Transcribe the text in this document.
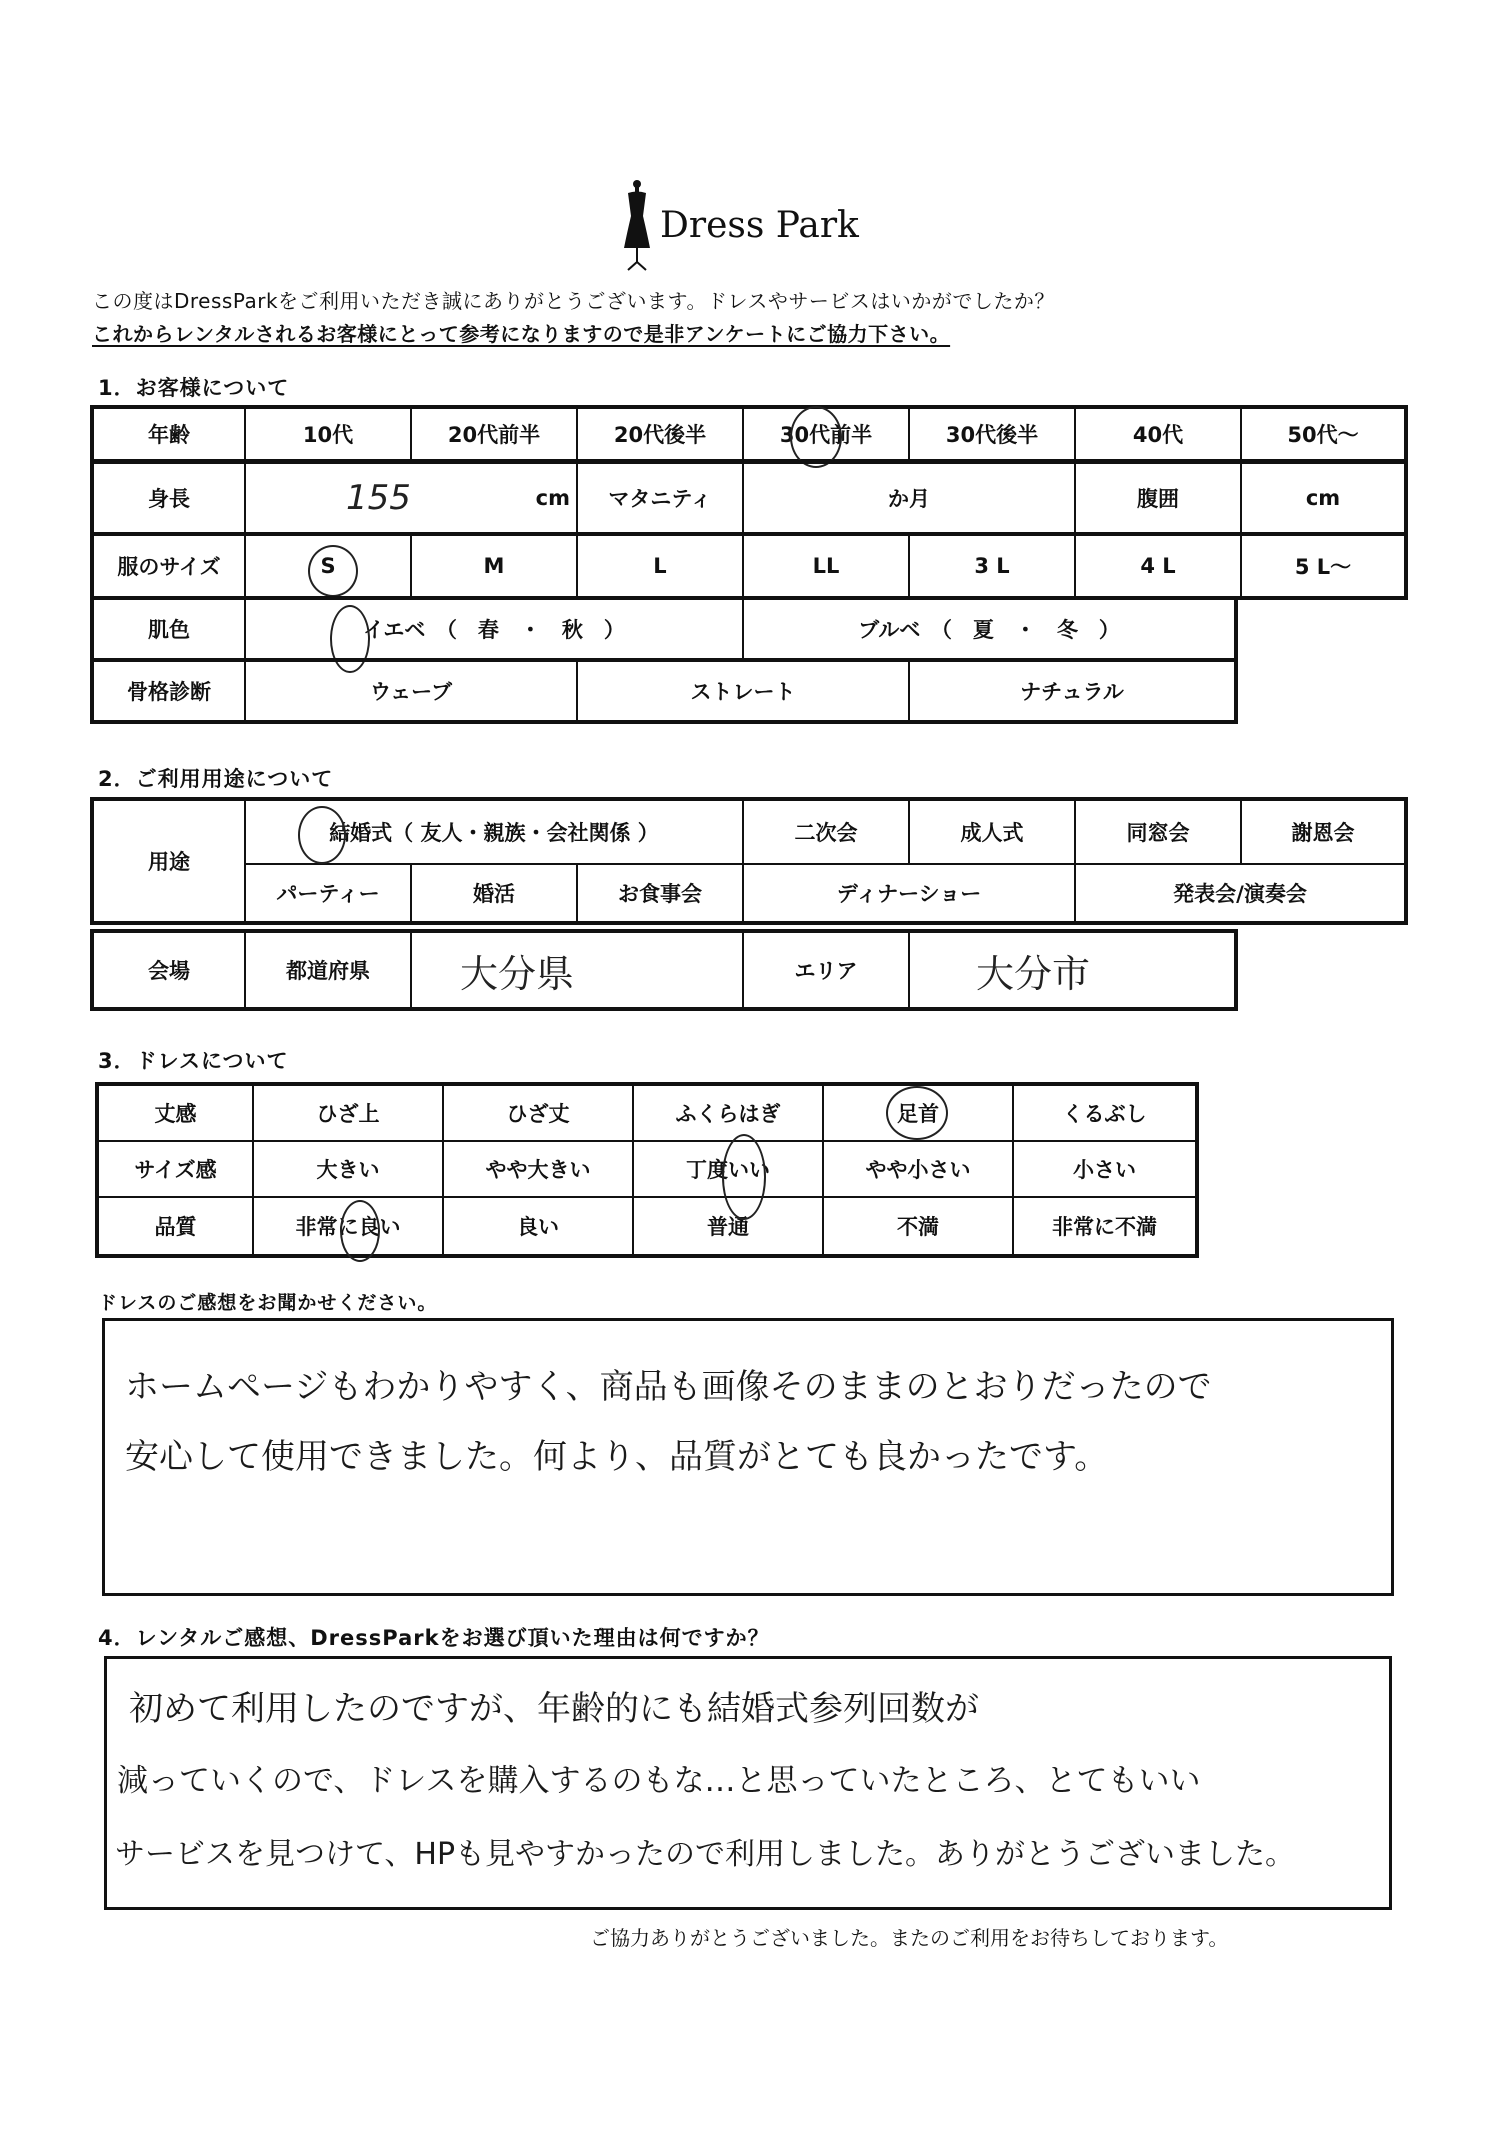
Dress Park
この度はDressParkをご利用いただき誠にありがとうございます。ドレスやサービスはいかがでしたか？
これからレンタルされるお客様にとって参考になりますので是非アンケートにご協力下さい。
1．お客様について
年齢	10代	20代前半	20代後半	30代前半	30代後半	40代	50代～
身長	155	cm	マタニティ	か月	腹囲	cm
服のサイズ	S	M	L	LL	3 L	4 L	5 L～
肌色	イエベ　（　春　・　秋　）	ブルベ　（　夏　・　冬　）
骨格診断	ウェーブ	ストレート	ナチュラル
2．ご利用用途について
用途
結婚式（ 友人・親族・会社関係 ）	二次会	成人式	同窓会	謝恩会
パーティー	婚活	お食事会	ディナーショー	発表会/演奏会
会場	都道府県	大分県	エリア	大分市
3．ドレスについて
丈感	ひざ上	ひざ丈	ふくらはぎ	足首	くるぶし
サイズ感	大きい	やや大きい	丁度いい	やや小さい	小さい
品質	非常に良い	良い	普通	不満	非常に不満
ドレスのご感想をお聞かせください。
ホームページもわかりやすく、商品も画像そのままのとおりだったので
安心して使用できました。何より、品質がとても良かったです。
4．レンタルご感想、DressParkをお選び頂いた理由は何ですか？
初めて利用したのですが、年齢的にも結婚式参列回数が
減っていくので、ドレスを購入するのもな…と思っていたところ、とてもいい
サービスを見つけて、HPも見やすかったので利用しました。ありがとうございました。
ご協力ありがとうございました。またのご利用をお待ちしております。
